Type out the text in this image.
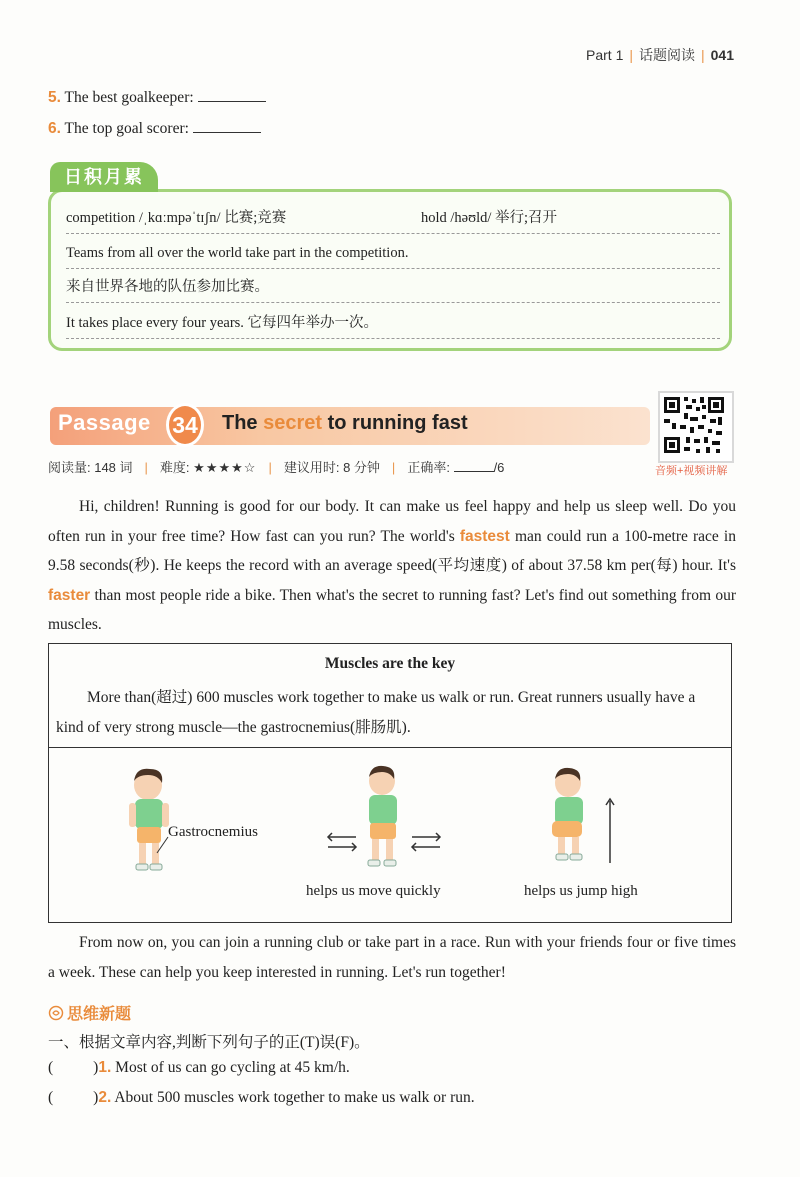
Part 1 | 话题阅读 | 041
5. The best goalkeeper:
6. The top goal scorer:
日积月累
competition /ˌkɑːmpəˈtɪʃn/ 比赛;竞赛	hold /həʊld/ 举行;召开
Teams from all over the world take part in the competition.
来自世界各地的队伍参加比赛。
It takes place every four years. 它每四年举办一次。
Passage 34 The secret to running fast
音频+视频讲解
阅读量: 148 词 | 难度: ★★★★☆ | 建议用时: 8 分钟 | 正确率:	/6

Hi, children! Running is good for our body. It can make us feel happy and help us sleep well. Do you often run in your free time? How fast can you run? The world's fastest man could run a 100-metre race in 9.58 seconds(秒). He keeps the record with an average speed(平均速度) of about 37.58 km per(每) hour. It's faster than most people ride a bike. Then what's the secret to running fast? Let's find out something from our muscles.

Muscles are the key

More than(超过) 600 muscles work together to make us walk or run. Great runners usually have a kind of very strong muscle—the gastrocnemius(腓肠肌).

Gastrocnemius
helps us move quickly	helps us jump high

From now on, you can join a running club or take part in a race. Run with your friends four or five times a week. These can help you keep interested in running. Let's run together!

思维新题
一、根据文章内容,判断下列句子的正(T)误(F)。
(	)1. Most of us can go cycling at 45 km/h.
(	)2. About 500 muscles work together to make us walk or run.
